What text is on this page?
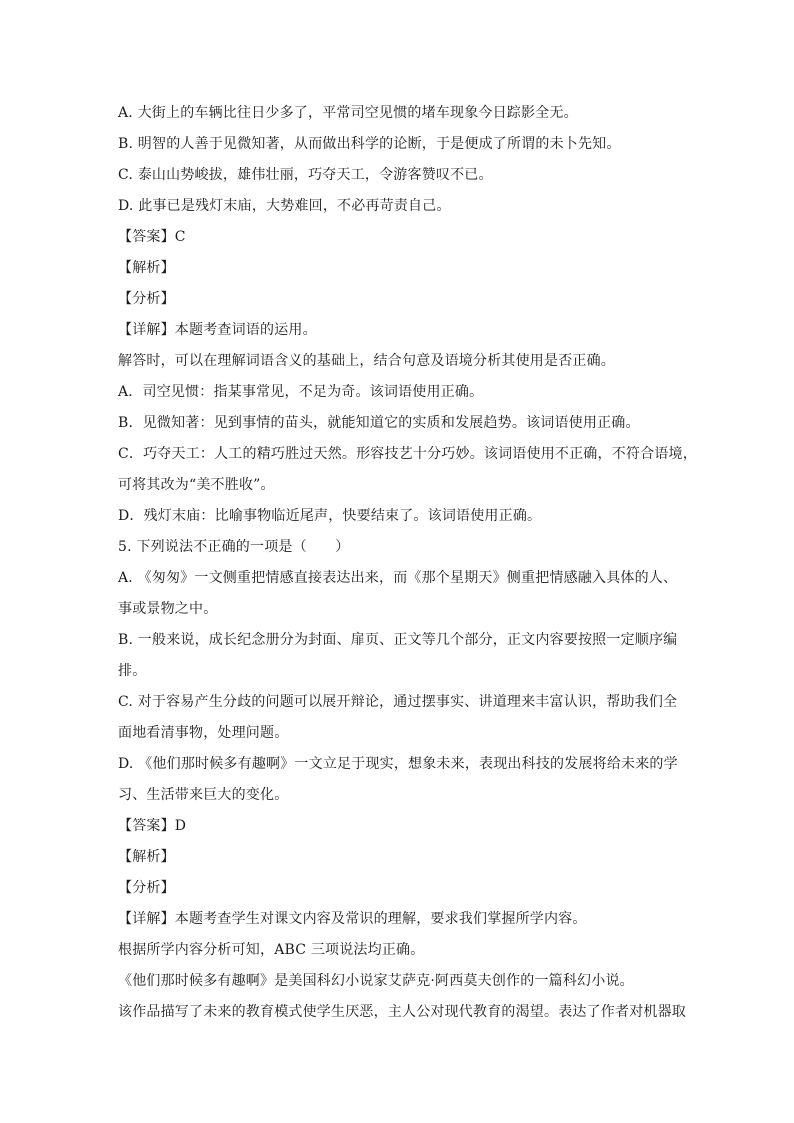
A. 大街上的车辆比往日少多了，平常司空见惯的堵车现象今日踪影全无。
B. 明智的人善于见微知著，从而做出科学的论断，于是便成了所谓的未卜先知。
C. 泰山山势峻拔，雄伟壮丽，巧夺天工，令游客赞叹不已。
D. 此事已是残灯末庙，大势难回，不必再苛责自己。
【答案】C
【解析】
【分析】
【详解】本题考查词语的运用。
解答时，可以在理解词语含义的基础上，结合句意及语境分析其使用是否正确。
A．司空见惯：指某事常见，不足为奇。该词语使用正确。
B．见微知著：见到事情的苗头，就能知道它的实质和发展趋势。该词语使用正确。
C．巧夺天工：人工的精巧胜过天然。形容技艺十分巧妙。该词语使用不正确，不符合语境，
可将其改为“美不胜收”。
D．残灯末庙：比喻事物临近尾声，快要结束了。该词语使用正确。
5. 下列说法不正确的一项是（　　）
A. 《匆匆》一文侧重把情感直接表达出来，而《那个星期天》侧重把情感融入具体的人、
事或景物之中。
B. 一般来说，成长纪念册分为封面、扉页、正文等几个部分，正文内容要按照一定顺序编
排。
C. 对于容易产生分歧的问题可以展开辩论，通过摆事实、讲道理来丰富认识，帮助我们全
面地看清事物，处理问题。
D. 《他们那时候多有趣啊》一文立足于现实，想象未来，表现出科技的发展将给未来的学
习、生活带来巨大的变化。
【答案】D
【解析】
【分析】
【详解】本题考查学生对课文内容及常识的理解，要求我们掌握所学内容。
根据所学内容分析可知，ABC 三项说法均正确。
《他们那时候多有趣啊》是美国科幻小说家艾萨克·阿西莫夫创作的一篇科幻小说。
该作品描写了未来的教育模式使学生厌恶，主人公对现代教育的渴望。表达了作者对机器取
